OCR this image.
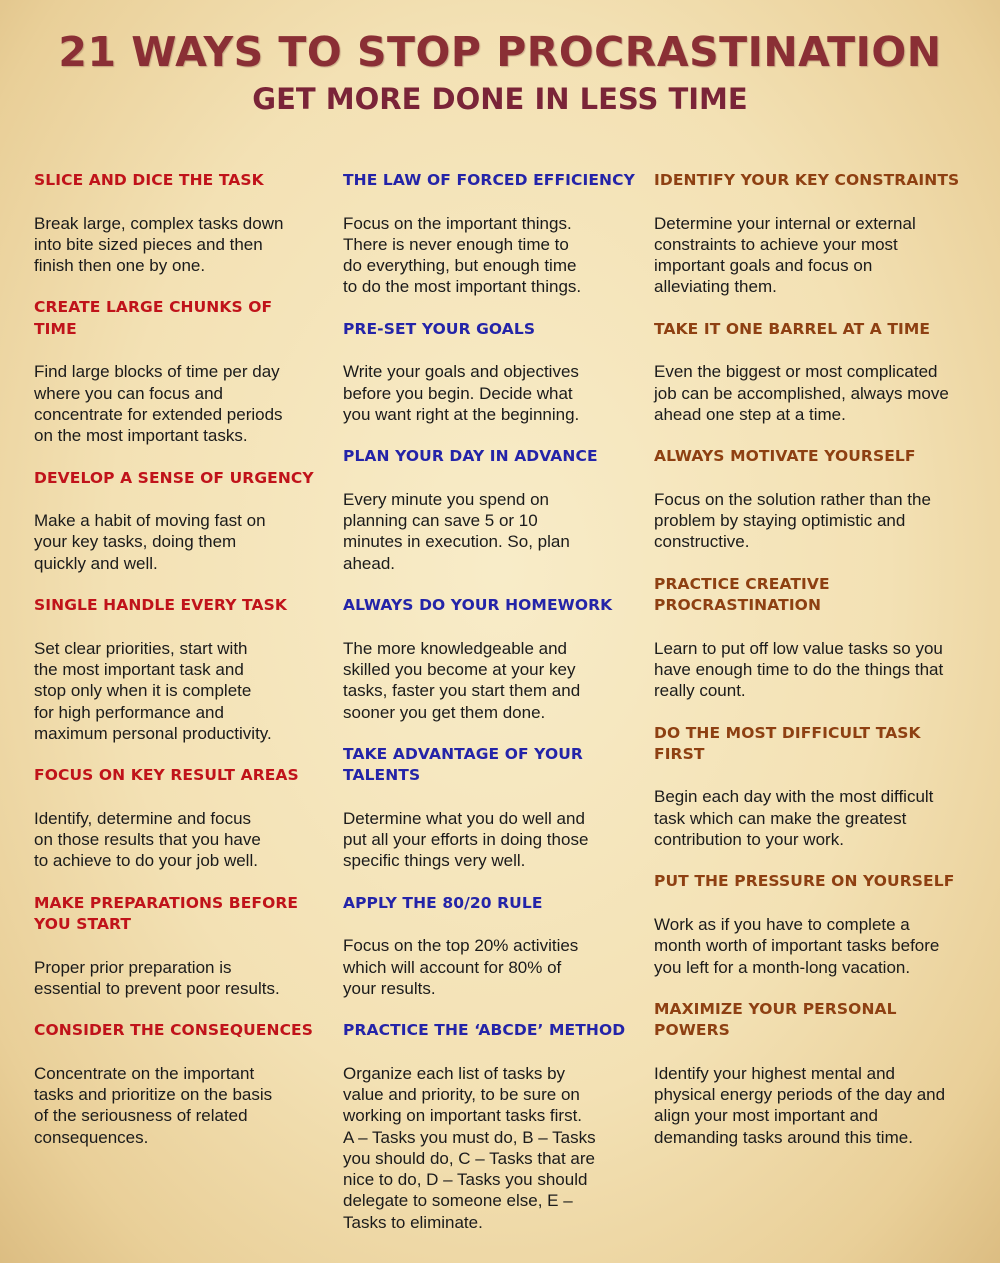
21 WAYS TO STOP PROCRASTINATION
GET MORE DONE IN LESS TIME
SLICE AND DICE THE TASK
Break large, complex tasks down
into bite sized pieces and then
finish then one by one.
CREATE LARGE CHUNKS OF
TIME
Find large blocks of time per day
where you can focus and
concentrate for extended periods
on the most important tasks.
DEVELOP A SENSE OF URGENCY
Make a habit of moving fast on
your key tasks, doing them
quickly and well.
SINGLE HANDLE EVERY TASK
Set clear priorities, start with
the most important task and
stop only when it is complete
for high performance and
maximum personal productivity.
FOCUS ON KEY RESULT AREAS
Identify, determine and focus
on those results that you have
to achieve to do your job well.
MAKE PREPARATIONS BEFORE
YOU START
Proper prior preparation is
essential to prevent poor results.
CONSIDER THE CONSEQUENCES
Concentrate on the important
tasks and prioritize on the basis
of the seriousness of related
consequences.
THE LAW OF FORCED EFFICIENCY
Focus on the important things.
There is never enough time to
do everything, but enough time
to do the most important things.
PRE-SET YOUR GOALS
Write your goals and objectives
before you begin. Decide what
you want right at the beginning.
PLAN YOUR DAY IN ADVANCE
Every minute you spend on
planning can save 5 or 10
minutes in execution. So, plan
ahead.
ALWAYS DO YOUR HOMEWORK
The more knowledgeable and
skilled you become at your key
tasks, faster you start them and
sooner you get them done.
TAKE ADVANTAGE OF YOUR
TALENTS
Determine what you do well and
put all your efforts in doing those
specific things very well.
APPLY THE 80/20 RULE
Focus on the top 20% activities
which will account for 80% of
your results.
PRACTICE THE ‘ABCDE’ METHOD
Organize each list of tasks by
value and priority, to be sure on
working on important tasks first.
A – Tasks you must do, B – Tasks
you should do, C – Tasks that are
nice to do, D – Tasks you should
delegate to someone else, E –
Tasks to eliminate.
IDENTIFY YOUR KEY CONSTRAINTS
Determine your internal or external
constraints to achieve your most
important goals and focus on
alleviating them.
TAKE IT ONE BARREL AT A TIME
Even the biggest or most complicated
job can be accomplished, always move
ahead one step at a time.
ALWAYS MOTIVATE YOURSELF
Focus on the solution rather than the
problem by staying optimistic and
constructive.
PRACTICE CREATIVE
PROCRASTINATION
Learn to put off low value tasks so you
have enough time to do the things that
really count.
DO THE MOST DIFFICULT TASK FIRST
Begin each day with the most difficult
task which can make the greatest
contribution to your work.
PUT THE PRESSURE ON YOURSELF
Work as if you have to complete a
month worth of important tasks before
you left for a month-long vacation.
MAXIMIZE YOUR PERSONAL POWERS
Identify your highest mental and
physical energy periods of the day and
align your most important and
demanding tasks around this time.
